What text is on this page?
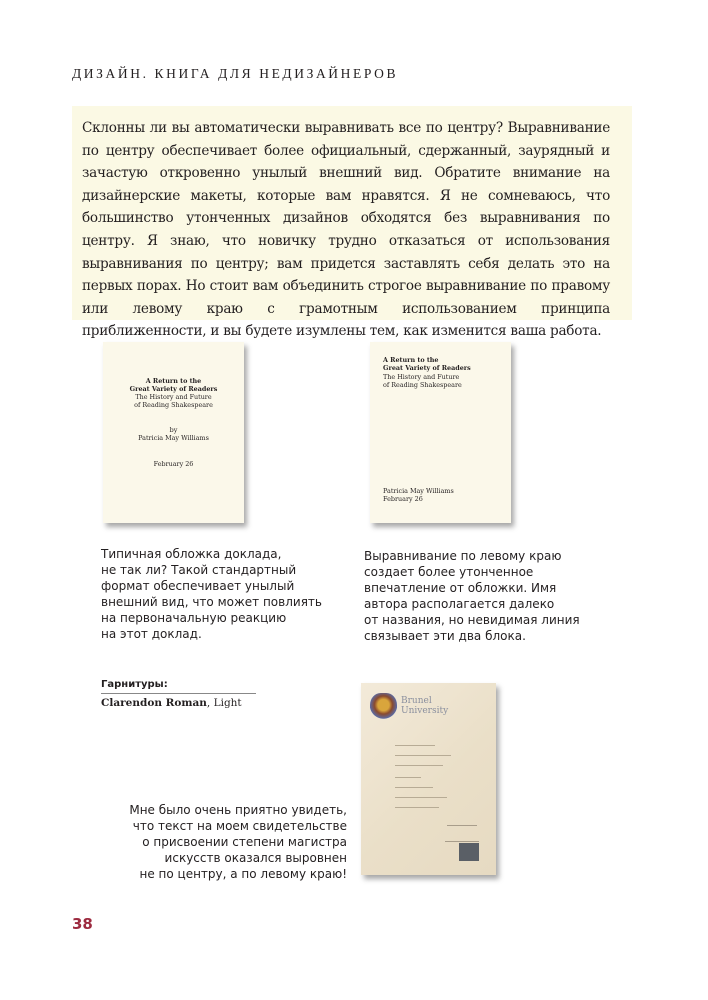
ДИЗАЙН. КНИГА ДЛЯ НЕДИЗАЙНЕРОВ

Склонны ли вы автоматически выравнивать все по центру? Выравнивание по центру обеспечивает более официальный, сдержанный, заурядный и зачастую откровенно унылый внешний вид. Обратите внимание на дизайнерские макеты, которые вам нравятся. Я не сомневаюсь, что большинство утонченных дизайнов обходятся без выравнивания по центру. Я знаю, что новичку трудно отказаться от использования выравнивания по центру; вам придется заставлять себя делать это на первых порах. Но стоит вам объединить строгое выравнивание по правому или левому краю с грамотным использованием принципа приближенности, и вы будете изумлены тем, как изменится ваша работа.

A Return to the
Great Variety of Readers
The History and Future
of Reading Shakespeare
by
Patricia May Williams
February 26
A Return to the
Great Variety of Readers
The History and Future
of Reading Shakespeare
Patricia May Williams
February 26
Типичная обложка доклада,
не так ли? Такой стандартный
формат обеспечивает унылый
внешний вид, что может повлиять
на первоначальную реакцию
на этот доклад.
Выравнивание по левому краю
создает более утонченное
впечатление от обложки. Имя
автора располагается далеко
от названия, но невидимая линия
связывает эти два блока.
Гарнитуры:
Clarendon Roman, Light	Brunel
University
Мне было очень приятно увидеть,
что текст на моем свидетельстве
о присвоении степени магистра
искусств оказался выровнен
не по центру, а по левому краю!
38
